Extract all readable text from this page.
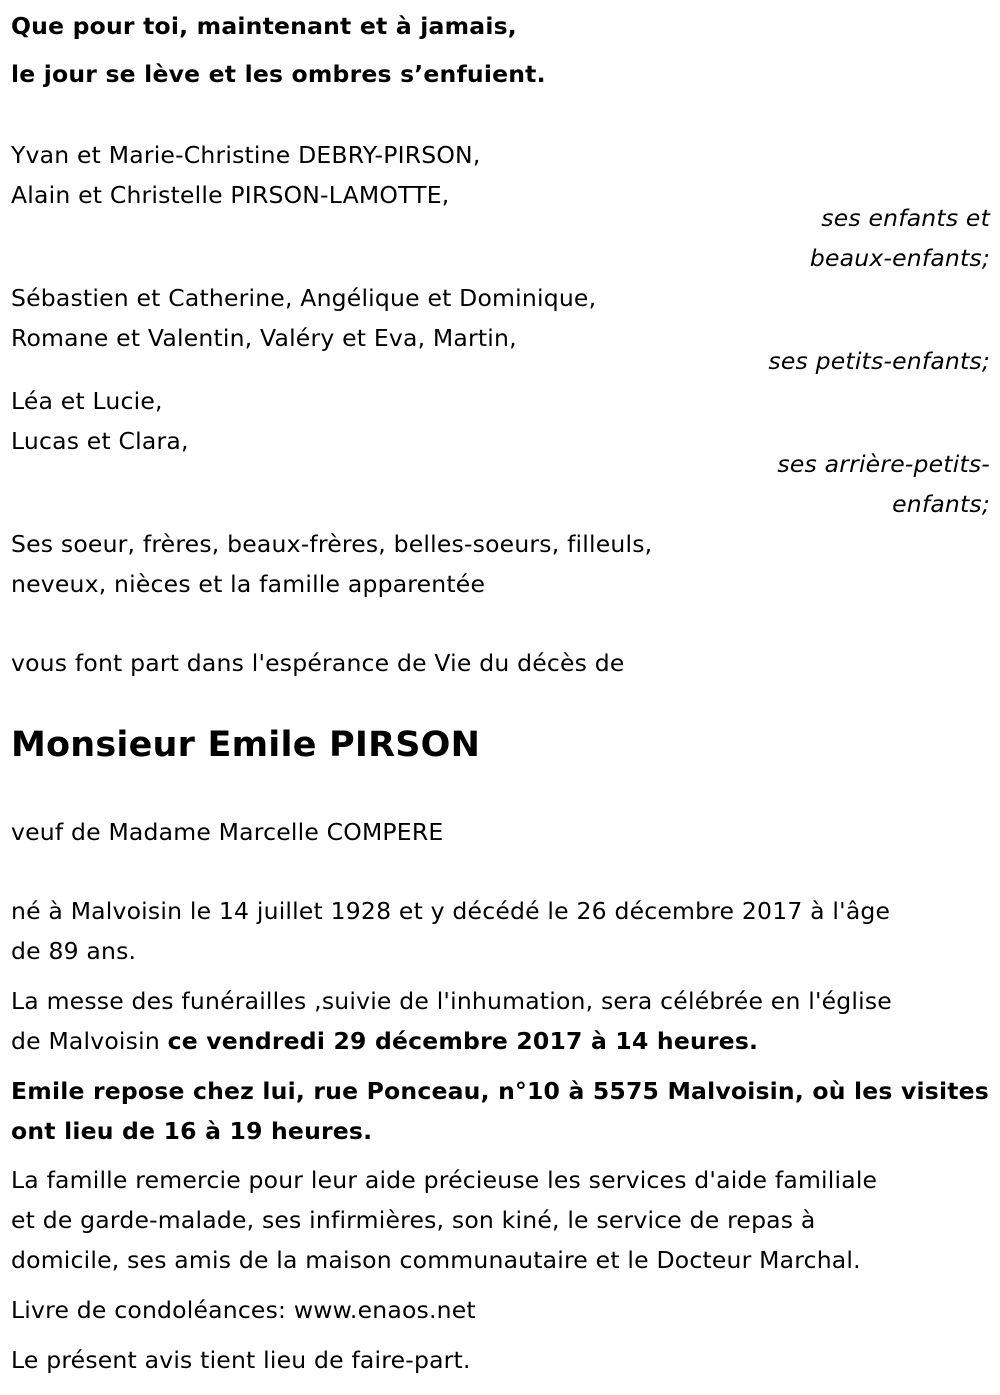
Que pour toi, maintenant et à jamais,
le jour se lève et les ombres s’enfuient.
Yvan et Marie-Christine DEBRY-PIRSON,
Alain et Christelle PIRSON-LAMOTTE,
ses enfants et
beaux-enfants;
Sébastien et Catherine, Angélique et Dominique,
Romane et Valentin, Valéry et Eva, Martin,
ses petits-enfants;
Léa et Lucie,
Lucas et Clara,
ses arrière-petits-
enfants;
Ses soeur, frères, beaux-frères, belles-soeurs, filleuls,
neveux, nièces et la famille apparentée
vous font part dans l'espérance de Vie du décès de
Monsieur Emile PIRSON
veuf de Madame Marcelle COMPERE
né à Malvoisin le 14 juillet 1928 et y décédé le 26 décembre 2017 à l'âge
de 89 ans.
La messe des funérailles ,suivie de l'inhumation, sera célébrée en l'église
de Malvoisin ce vendredi 29 décembre 2017 à 14 heures.
Emile repose chez lui, rue Ponceau, n°10 à 5575 Malvoisin, où les visites
ont lieu de 16 à 19 heures.
La famille remercie pour leur aide précieuse les services d'aide familiale
et de garde-malade, ses infirmières, son kiné, le service de repas à
domicile, ses amis de la maison communautaire et le Docteur Marchal.
Livre de condoléances: www.enaos.net
Le présent avis tient lieu de faire-part.
